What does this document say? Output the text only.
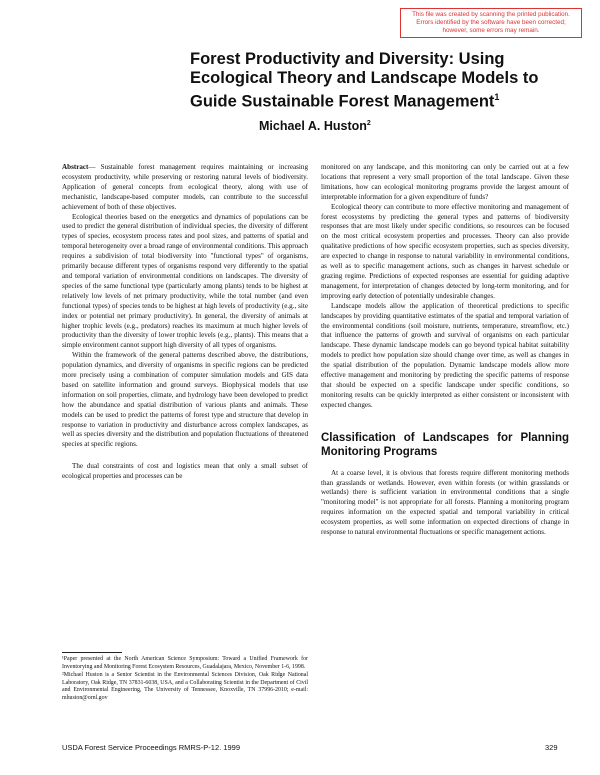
This file was created by scanning the printed publication. Errors identified by the software have been corrected; however, some errors may remain.
Forest Productivity and Diversity: Using Ecological Theory and Landscape Models to Guide Sustainable Forest Management$^1$
Michael A. Huston$^2$

Abstract— Sustainable forest management requires maintaining or increasing ecosystem productivity, while preserving or restoring natural levels of biodiversity. Application of general concepts from ecological theory, along with use of mechanistic, landscape-based computer models, can contribute to the successful achievement of both of these objectives.

Ecological theories based on the energetics and dynamics of populations can be used to predict the general distribution of individual species, the diversity of different types of species, ecosystem process rates and pool sizes, and patterns of spatial and temporal heterogeneity over a broad range of environmental conditions. This approach requires a subdivision of total biodiversity into "functional types" of organisms, primarily because different types of organisms respond very differently to the spatial and temporal variation of environmental conditions on landscapes. The diversity of species of the same functional type (particularly among plants) tends to be highest at relatively low levels of net primary productivity, while the total number (and even functional types) of species tends to be highest at high levels of productivity (e.g., site index or potential net primary productivity). In general, the diversity of animals at higher trophic levels (e.g., predators) reaches its maximum at much higher levels of productivity than the diversity of lower trophic levels (e.g., plants). This means that a simple environment cannot support high diversity of all types of organisms.

Within the framework of the general patterns described above, the distributions, population dynamics, and diversity of organisms in specific regions can be predicted more precisely using a combination of computer simulation models and GIS data based on satellite information and ground surveys. Biophysical models that use information on soil properties, climate, and hydrology have been developed to predict how the abundance and spatial distribution of various plants and animals. These models can be used to predict the patterns of forest type and structure that develop in response to variation in productivity and disturbance across complex landscapes, as well as species diversity and the distribution and population fluctuations of threatened species at specific regions.

The dual constraints of cost and logistics mean that only a small subset of ecological properties and processes can be

¹Paper presented at the North American Science Symposium: Toward a Unified Framework for Inventorying and Monitoring Forest Ecosystem Resources, Guadalajara, Mexico, November 1-6, 1998.

²Michael Huston is a Senior Scientist in the Environmental Sciences Division, Oak Ridge National Laboratory, Oak Ridge, TN 37831-6038, USA, and a Collaborating Scientist in the Department of Civil and Environmental Engineering, The University of Tennessee, Knoxville, TN 37996-2010; e-mail: mhuston@ornl.gov

monitored on any landscape, and this monitoring can only be carried out at a few locations that represent a very small proportion of the total landscape. Given these limitations, how can ecological monitoring programs provide the largest amount of interpretable information for a given expenditure of funds?

Ecological theory can contribute to more effective monitoring and management of forest ecosystems by predicting the general types and patterns of biodiversity responses that are most likely under specific conditions, so resources can be focused on the most critical ecosystem properties and processes. Theory can also provide qualitative predictions of how specific ecosystem properties, such as species diversity, are expected to change in response to natural variability in environmental conditions, as well as to specific management actions, such as changes in harvest schedule or grazing regime. Predictions of expected responses are essential for guiding adaptive management, for interpretation of changes detected by long-term monitoring, and for improving early detection of potentially undesirable changes.

Landscape models allow the application of theoretical predictions to specific landscapes by providing quantitative estimates of the spatial and temporal variation of the environmental conditions (soil moisture, nutrients, temperature, streamflow, etc.) that influence the patterns of growth and survival of organisms on each particular landscape. These dynamic landscape models can go beyond typical habitat suitability models to predict how population size should change over time, as well as changes in the spatial distribution of the population. Dynamic landscape models allow more effective management and monitoring by predicting the specific patterns of response that should be expected on a specific landscape under specific conditions, so monitoring results can be quickly interpreted as either consistent or inconsistent with expected changes.

Classification of Landscapes for Planning Monitoring Programs

At a coarse level, it is obvious that forests require different monitoring methods than grasslands or wetlands. However, even within forests (or within grasslands or wetlands) there is sufficient variation in environmental conditions that a single "monitoring model" is not appropriate for all forests. Planning a monitoring program requires information on the expected spatial and temporal variability in critical ecosystem properties, as well some information on expected directions of change in response to natural environmental fluctuations or specific management actions.

USDA Forest Service Proceedings RMRS-P-12. 1999	329
